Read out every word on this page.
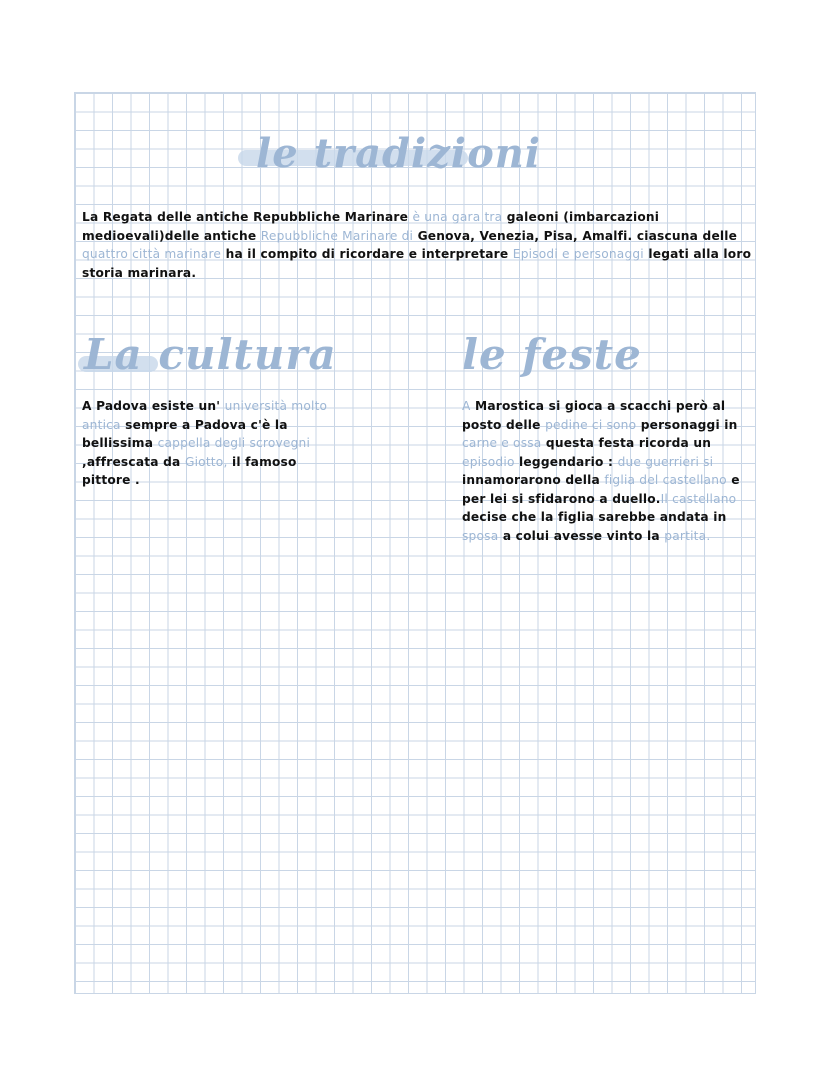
le tradizioni
La Regata delle antiche Repubbliche Marinare è una gara tra galeoni (imbarcazioni medioevali)delle antiche Repubbliche Marinare di Genova, Venezia, Pisa, Amalfi. ciascuna delle quattro città marinare ha il compito di ricordare e interpretare Episodi e personaggi legati alla loro storia marinara.
La cultura	le feste
A Padova esiste un' università molto antica sempre a Padova c'è la bellissima cappella degli scrovegni ,affrescata da Giotto, il famoso pittore .
A Marostica si gioca a scacchi però al posto delle pedine ci sono personaggi in carne e ossa questa festa ricorda un episodio leggendario : due guerrieri si innamorarono della figlia del castellano e per lei si sfidarono a duello.Il castellano decise che la figlia sarebbe andata in sposa a colui avesse vinto la partita.
